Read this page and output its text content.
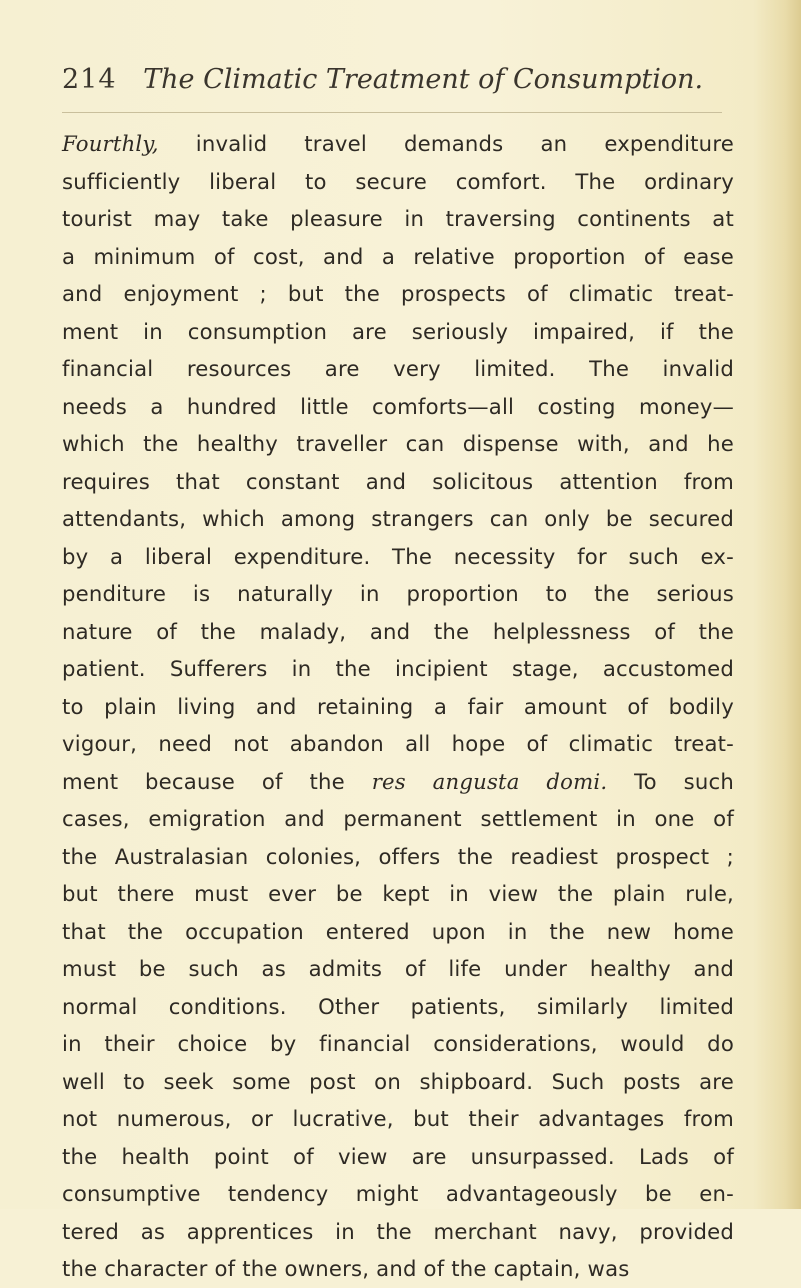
214 The Climatic Treatment of Consumption.
Fourthly, invalid travel demands an expenditure
sufficiently liberal to secure comfort. The ordinary
tourist may take pleasure in traversing continents at
a minimum of cost, and a relative proportion of ease
and enjoyment ; but the prospects of climatic treat-
ment in consumption are seriously impaired, if the
financial resources are very limited. The invalid
needs a hundred little comforts—all costing money—
which the healthy traveller can dispense with, and he
requires that constant and solicitous attention from
attendants, which among strangers can only be secured
by a liberal expenditure. The necessity for such ex-
penditure is naturally in proportion to the serious
nature of the malady, and the helplessness of the
patient. Sufferers in the incipient stage, accustomed
to plain living and retaining a fair amount of bodily
vigour, need not abandon all hope of climatic treat-
ment because of the res angusta domi. To such
cases, emigration and permanent settlement in one of
the Australasian colonies, offers the readiest prospect ;
but there must ever be kept in view the plain rule,
that the occupation entered upon in the new home
must be such as admits of life under healthy and
normal conditions. Other patients, similarly limited
in their choice by financial considerations, would do
well to seek some post on shipboard. Such posts are
not numerous, or lucrative, but their advantages from
the health point of view are unsurpassed. Lads of
consumptive tendency might advantageously be en-
tered as apprentices in the merchant navy, provided
the character of the owners, and of the captain, was
